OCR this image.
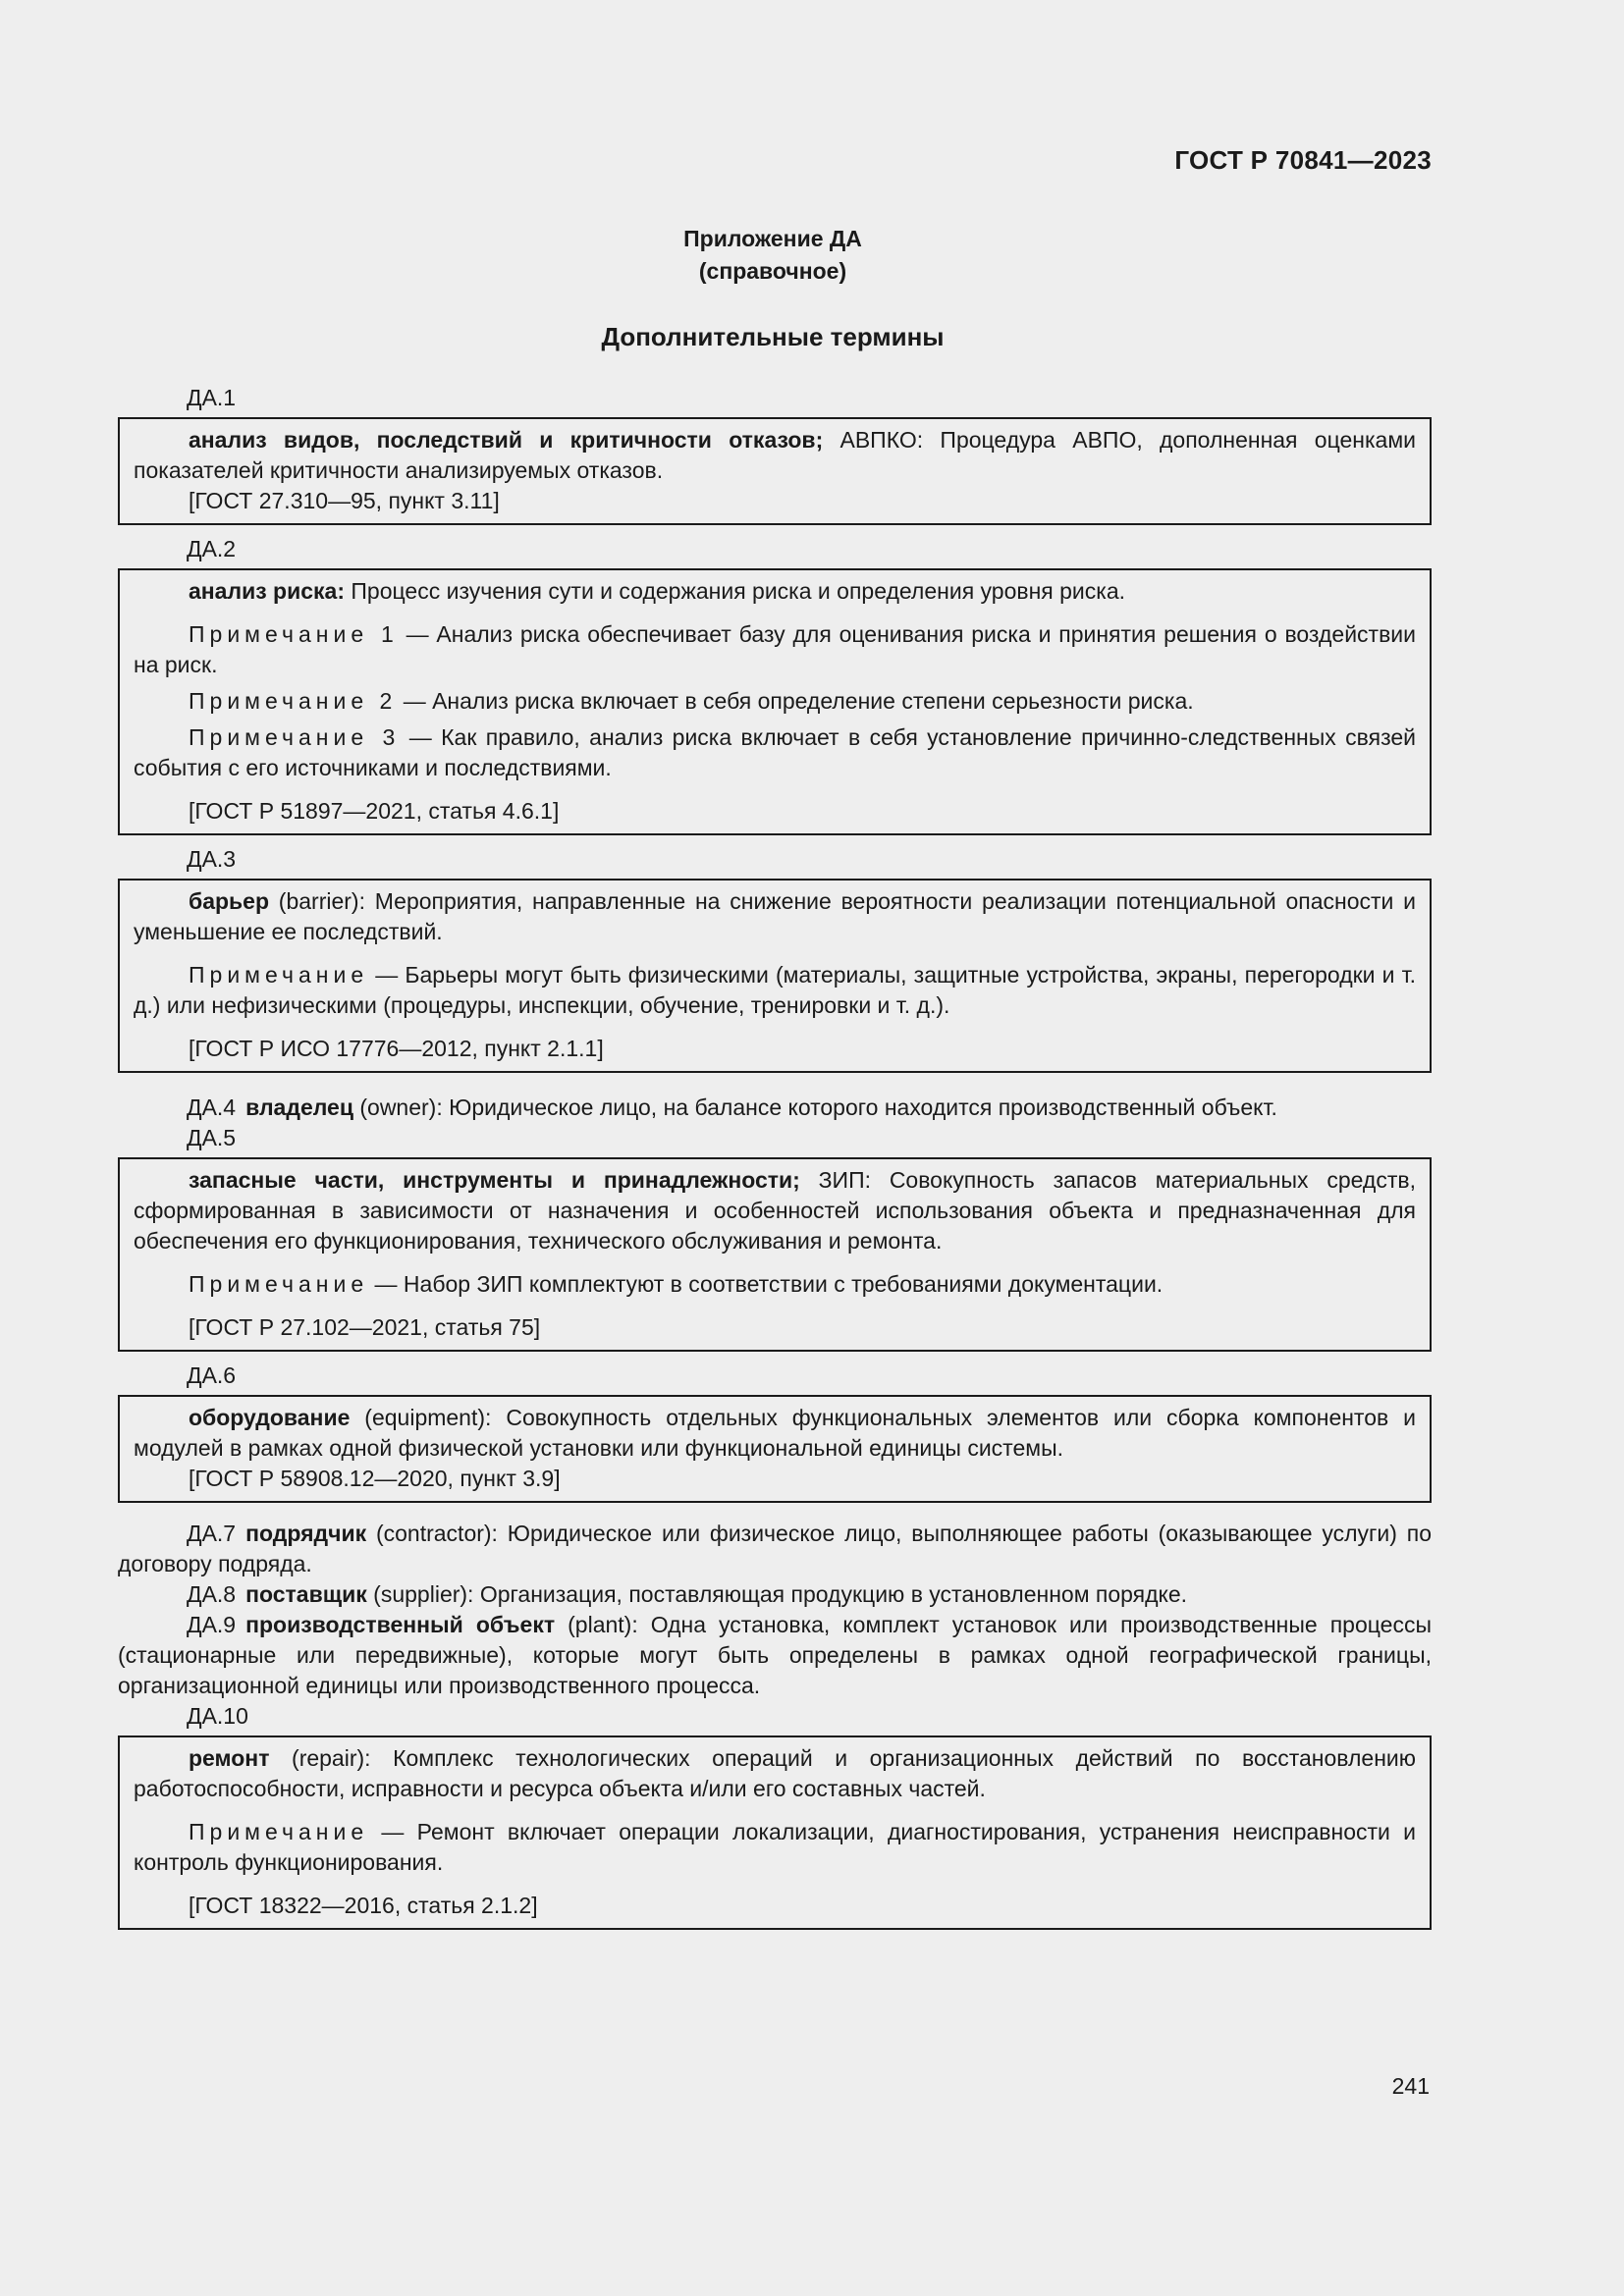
ГОСТ Р 70841—2023
Приложение ДА
(справочное)
Дополнительные термины

ДА.1

анализ видов, последствий и критичности отказов; АВПКО: Процедура АВПО, дополненная оценками показателей критичности анализируемых отказов.

[ГОСТ 27.310—95, пункт 3.11]

ДА.2

анализ риска: Процесс изучения сути и содержания риска и определения уровня риска.

Примечание 1 — Анализ риска обеспечивает базу для оценивания риска и принятия решения о воздействии на риск.

Примечание 2 — Анализ риска включает в себя определение степени серьезности риска.

Примечание 3 — Как правило, анализ риска включает в себя установление причинно-следственных связей события с его источниками и последствиями.

[ГОСТ Р 51897—2021, статья 4.6.1]

ДА.3

барьер (barrier): Мероприятия, направленные на снижение вероятности реализации потенциальной опасности и уменьшение ее последствий.

Примечание — Барьеры могут быть физическими (материалы, защитные устройства, экраны, перегородки и т. д.) или нефизическими (процедуры, инспекции, обучение, тренировки и т. д.).

[ГОСТ Р ИСО 17776—2012, пункт 2.1.1]

ДА.4 владелец (owner): Юридическое лицо, на балансе которого находится производственный объект.

ДА.5

запасные части, инструменты и принадлежности; ЗИП: Совокупность запасов материальных средств, сформированная в зависимости от назначения и особенностей использования объекта и предназначенная для обеспечения его функционирования, технического обслуживания и ремонта.

Примечание — Набор ЗИП комплектуют в соответствии с требованиями документации.

[ГОСТ Р 27.102—2021, статья 75]

ДА.6

оборудование (equipment): Совокупность отдельных функциональных элементов или сборка компонентов и модулей в рамках одной физической установки или функциональной единицы системы.

[ГОСТ Р 58908.12—2020, пункт 3.9]

ДА.7 подрядчик (contractor): Юридическое или физическое лицо, выполняющее работы (оказывающее услуги) по договору подряда.

ДА.8 поставщик (supplier): Организация, поставляющая продукцию в установленном порядке.

ДА.9 производственный объект (plant): Одна установка, комплект установок или производственные процессы (стационарные или передвижные), которые могут быть определены в рамках одной географической границы, организационной единицы или производственного процесса.

ДА.10

ремонт (repair): Комплекс технологических операций и организационных действий по восстановлению работоспособности, исправности и ресурса объекта и/или его составных частей.

Примечание — Ремонт включает операции локализации, диагностирования, устранения неисправности и контроль функционирования.

[ГОСТ 18322—2016, статья 2.1.2]

241
